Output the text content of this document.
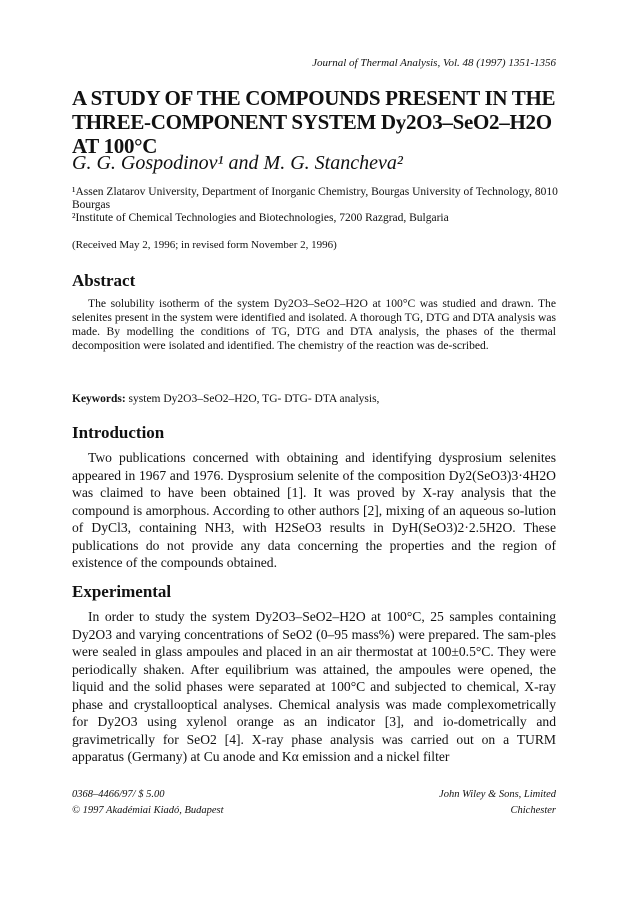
Journal of Thermal Analysis, Vol. 48 (1997) 1351-1356
A STUDY OF THE COMPOUNDS PRESENT IN THE
THREE-COMPONENT SYSTEM Dy2O3–SeO2–H2O AT 100°C
G. G. Gospodinov¹ and M. G. Stancheva²
¹Assen Zlatarov University, Department of Inorganic Chemistry, Bourgas University of Technology, 8010 Bourgas
²Institute of Chemical Technologies and Biotechnologies, 7200 Razgrad, Bulgaria
(Received May 2, 1996; in revised form November 2, 1996)
Abstract

The solubility isotherm of the system Dy2O3–SeO2–H2O at 100°C was studied and drawn. The selenites present in the system were identified and isolated. A thorough TG, DTG and DTA analysis was made. By modelling the conditions of TG, DTG and DTA analysis, the phases of the thermal decomposition were isolated and identified. The chemistry of the reaction was de-scribed.

Keywords: system Dy2O3–SeO2–H2O, TG- DTG- DTA analysis,
Introduction

Two publications concerned with obtaining and identifying dysprosium selenites appeared in 1967 and 1976. Dysprosium selenite of the composition Dy2(SeO3)3·4H2O was claimed to have been obtained [1]. It was proved by X-ray analysis that the compound is amorphous. According to other authors [2], mixing of an aqueous so-lution of DyCl3, containing NH3, with H2SeO3 results in DyH(SeO3)2·2.5H2O. These publications do not provide any data concerning the properties and the region of existence of the compounds obtained.

Experimental

In order to study the system Dy2O3–SeO2–H2O at 100°C, 25 samples containing Dy2O3 and varying concentrations of SeO2 (0–95 mass%) were prepared. The sam-ples were sealed in glass ampoules and placed in an air thermostat at 100±0.5°C. They were periodically shaken. After equilibrium was attained, the ampoules were opened, the liquid and the solid phases were separated at 100°C and subjected to chemical, X-ray phase and crystallooptical analyses. Chemical analysis was made complexometrically for Dy2O3 using xylenol orange as an indicator [3], and io-dometrically and gravimetrically for SeO2 [4]. X-ray phase analysis was carried out on a TURM apparatus (Germany) at Cu anode and Kα emission and a nickel filter

0368–4466/97/ $ 5.00
© 1997 Akadémiai Kiadó, Budapest
John Wiley & Sons, Limited
Chichester
